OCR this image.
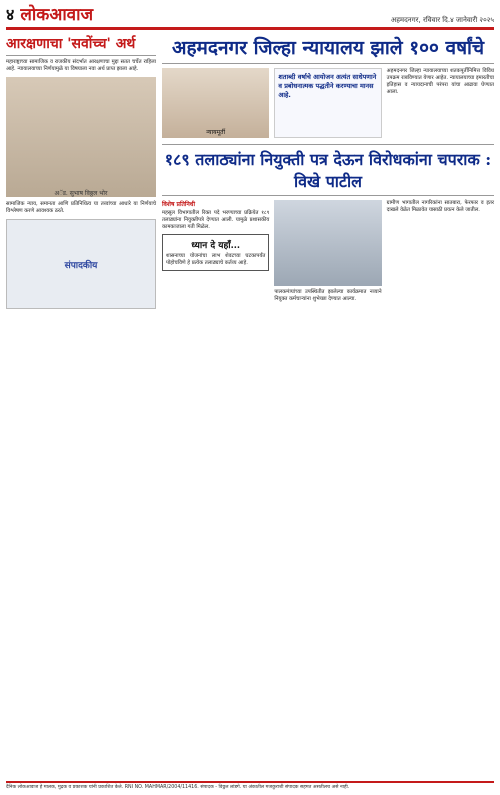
४ लोकआवाज	अहमदनगर, रविवार दि.४ जानेवारी २०२५
आरक्षणाचा 'सवोंच्च' अर्थ

महाराष्ट्राच्या सामाजिक व राजकीय संदर्भात आरक्षणाचा मुद्दा सतत चर्चेत राहिला आहे. न्यायालयाच्या निर्णयामुळे या विषयाला नवा अर्थ प्राप्त झाला आहे.

अॅड. सुभाष विठ्ठल भोर

सामाजिक न्याय, समानता आणि प्रतिनिधित्व या तत्त्वांच्या आधारे या निर्णयाचे विश्लेषण करणे आवश्यक ठरते.

संपादकीय
अहमदनगर जिल्हा न्यायालय झाले १०० वर्षांचे
न्यायमूर्ती
शताब्दी वर्षाचे आयोजन अत्यंत साधेपणाने व प्रबोधनात्मक पद्धतीने करण्याचा मानस आहे.
अहमदनगर जिल्हा न्यायालयाच्या शतकपूर्तीनिमित्त विविध उपक्रम राबविण्यात येणार आहेत. न्यायालयाच्या इमारतीचा इतिहास व न्यायदानाची परंपरा यांचा आढावा घेण्यात आला.
१८९ तलाठ्यांना नियुक्ती पत्र देऊन विरोधकांना चपराक : विखे पाटील
विशेष प्रतिनिधी
महसूल विभागातील रिक्त पदे भरण्याच्या प्रक्रियेत १८९ तलाठ्यांना नियुक्तीपत्रे देण्यात आली. यामुळे प्रशासकीय कामकाजाला गती मिळेल.
ध्यान दे यहाँ...
शासनाच्या योजनांचा लाभ शेवटच्या घटकापर्यंत पोहोचविणे हे प्रत्येक तलाठ्याचे कर्तव्य आहे.
पालकमंत्र्यांच्या उपस्थितीत झालेल्या कार्यक्रमात नव्याने नियुक्त कर्मचाऱ्यांना शुभेच्छा देण्यात आल्या.
ग्रामीण भागातील नागरिकांना सातबारा, फेरफार व इतर दाखले वेळेत मिळावेत यासाठी प्रयत्न केले जातील.
दैनिक लोकआवाज हे मालक, मुद्रक व प्रकाशक यांनी प्रकाशित केले. RNI NO. MAHMAR/2004/11416. संपादक - विठ्ठल लांडगे. या अंकातील मजकुराशी संपादक सहमत असतीलच असे नाही.
